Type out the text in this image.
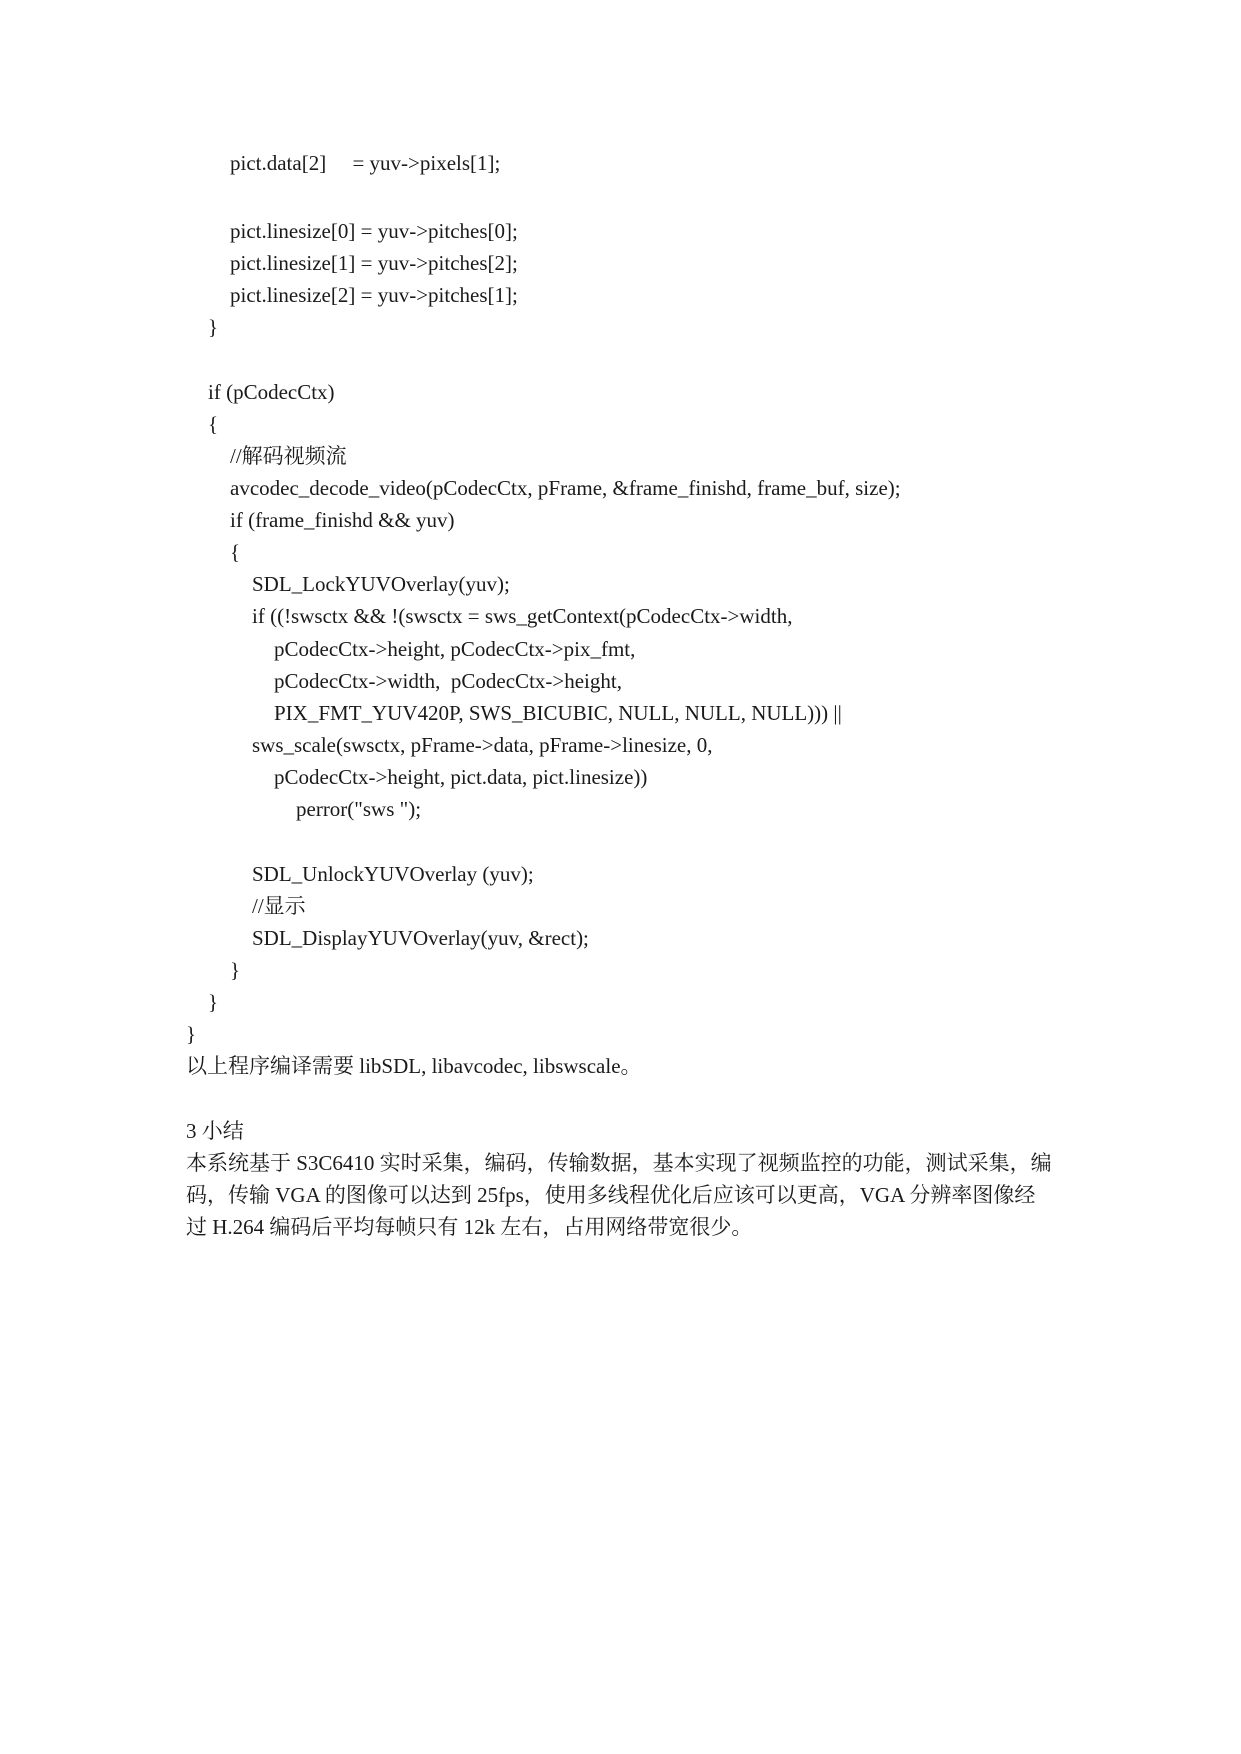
pict.data[2]     = yuv->pixels[1];
pict.linesize[0] = yuv->pitches[0];
pict.linesize[1] = yuv->pitches[2];
pict.linesize[2] = yuv->pitches[1];
}
if (pCodecCtx)
{
//解码视频流
avcodec_decode_video(pCodecCtx, pFrame, &frame_finishd, frame_buf, size);
if (frame_finishd && yuv)
{
SDL_LockYUVOverlay(yuv);
if ((!swsctx && !(swsctx = sws_getContext(pCodecCtx->width,
pCodecCtx->height, pCodecCtx->pix_fmt,
pCodecCtx->width,  pCodecCtx->height,
PIX_FMT_YUV420P, SWS_BICUBIC, NULL, NULL, NULL))) ||
sws_scale(swsctx, pFrame->data, pFrame->linesize, 0,
pCodecCtx->height, pict.data, pict.linesize))
perror("sws ");
SDL_UnlockYUVOverlay (yuv);
//显示
SDL_DisplayYUVOverlay(yuv, &rect);
}
}
}
以上程序编译需要 libSDL, libavcodec, libswscale。
3 小结
本系统基于 S3C6410 实时采集，编码，传输数据，基本实现了视频监控的功能，测试采集，编码，传输 VGA 的图像可以达到 25fps，使用多线程优化后应该可以更高，VGA 分辨率图像经过 H.264 编码后平均每帧只有 12k 左右，占用网络带宽很少。
